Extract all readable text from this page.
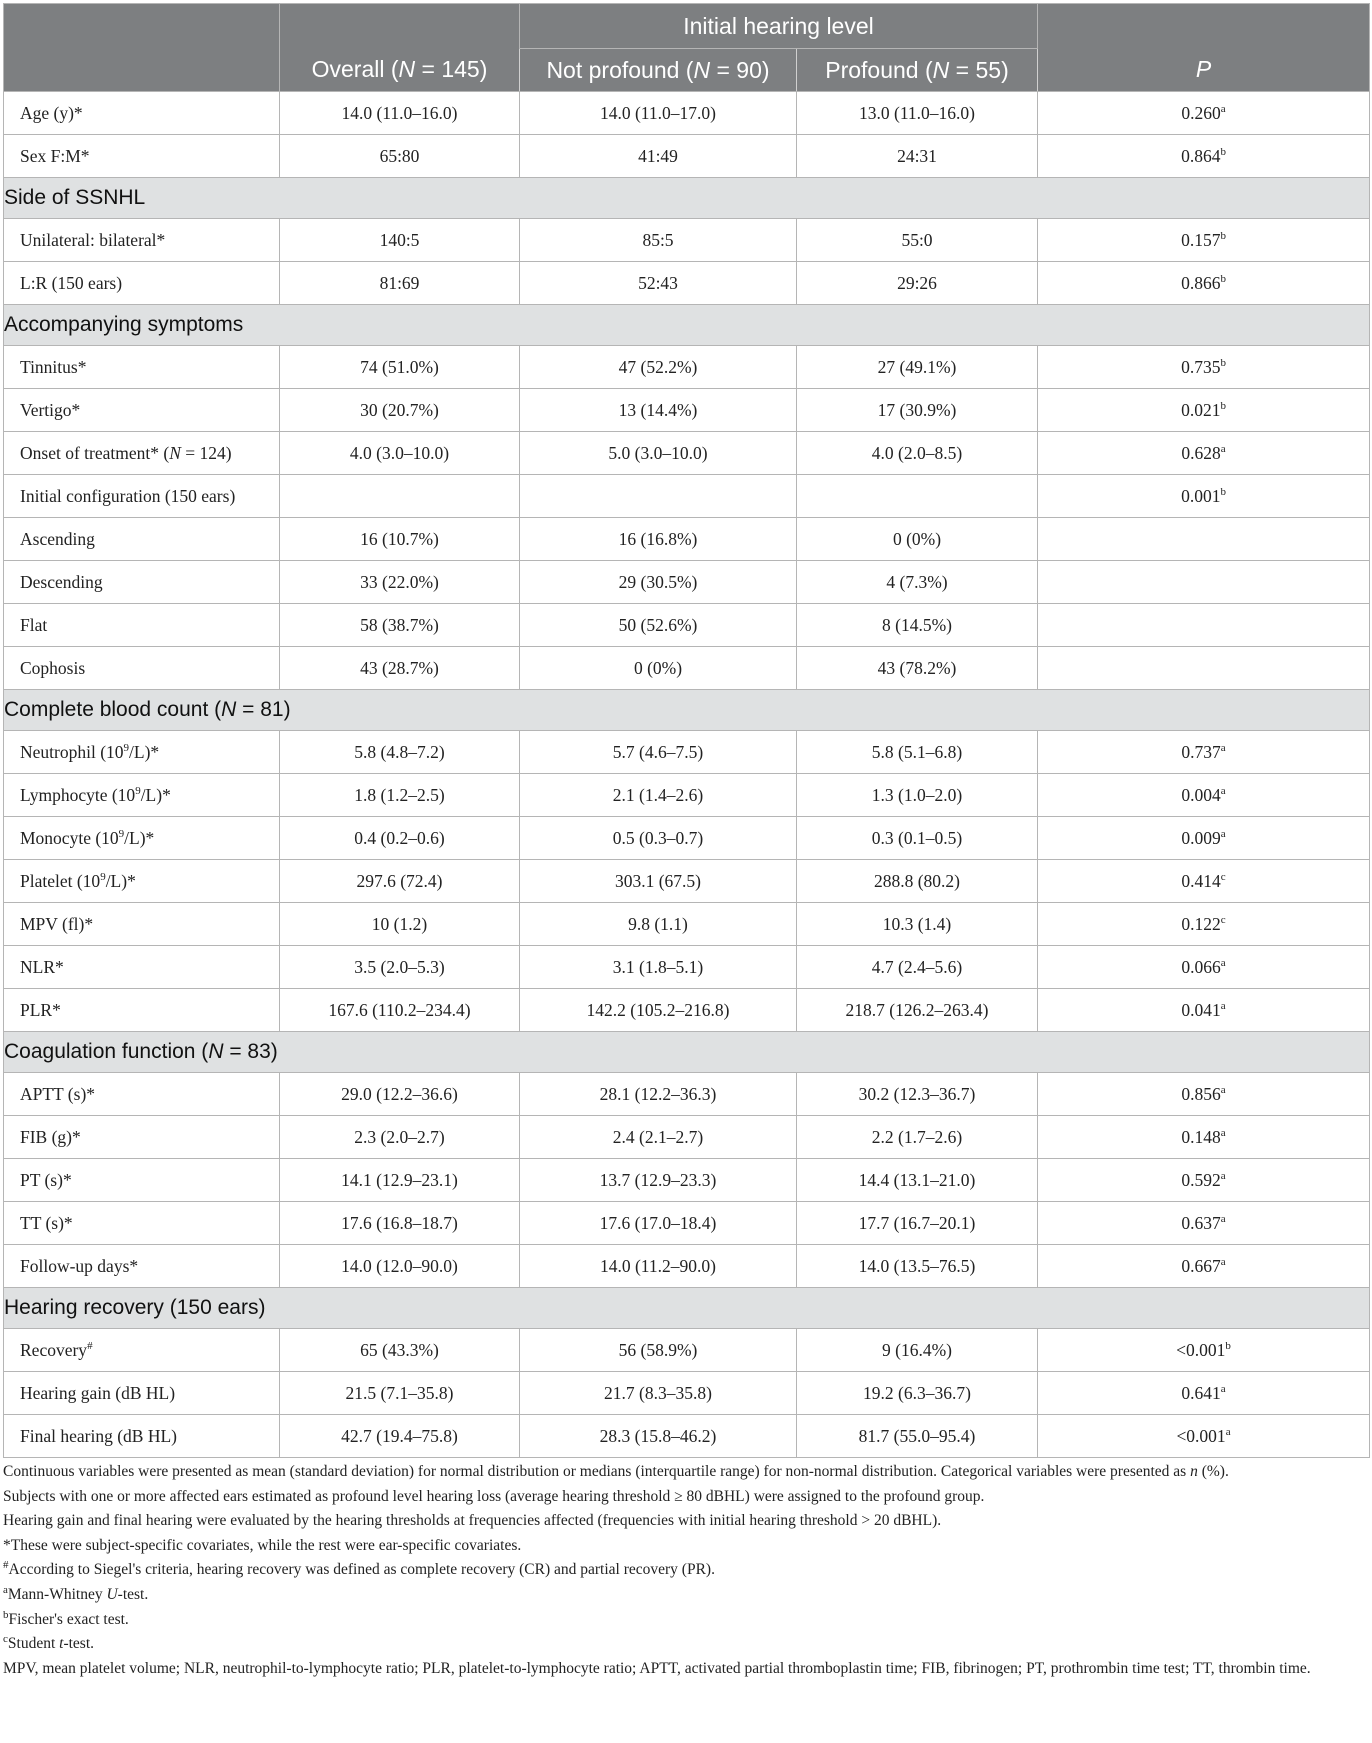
		Initial hearing level		
	Overall (N = 145)	Not profound (N = 90)	Profound (N = 55)	P
Age (y)*	14.0 (11.0–16.0)	14.0 (11.0–17.0)	13.0 (11.0–16.0)	0.260$^a$
Sex F:M*	65:80	41:49	24:31	0.864$^b$
Side of SSNHL				
Unilateral: bilateral*	140:5	85:5	55:0	0.157$^b$
L:R (150 ears)	81:69	52:43	29:26	0.866$^b$
Accompanying symptoms				
Tinnitus*	74 (51.0%)	47 (52.2%)	27 (49.1%)	0.735$^b$
Vertigo*	30 (20.7%)	13 (14.4%)	17 (30.9%)	0.021$^b$
Onset of treatment* (N = 124)	4.0 (3.0–10.0)	5.0 (3.0–10.0)	4.0 (2.0–8.5)	0.628$^a$
Initial configuration (150 ears)				0.001$^b$
Ascending	16 (10.7%)	16 (16.8%)	0 (0%)	
Descending	33 (22.0%)	29 (30.5%)	4 (7.3%)	
Flat	58 (38.7%)	50 (52.6%)	8 (14.5%)	
Cophosis	43 (28.7%)	0 (0%)	43 (78.2%)	
Complete blood count (N = 81)				
Neutrophil $(10^9/L)*$	5.8 (4.8–7.2)	5.7 (4.6–7.5)	5.8 (5.1–6.8)	0.737$^a$
Lymphocyte $(10^9/L)*$	1.8 (1.2–2.5)	2.1 (1.4–2.6)	1.3 (1.0–2.0)	0.004$^a$
Monocyte $(10^9/L)*$	0.4 (0.2–0.6)	0.5 (0.3–0.7)	0.3 (0.1–0.5)	0.009$^a$
Platelet $(10^9/L)*$	297.6 (72.4)	303.1 (67.5)	288.8 (80.2)	0.414$^c$
MPV (fl)*	10 (1.2)	9.8 (1.1)	10.3 (1.4)	0.122$^c$
NLR*	3.5 (2.0–5.3)	3.1 (1.8–5.1)	4.7 (2.4–5.6)	0.066$^a$
PLR*	167.6 (110.2–234.4)	142.2 (105.2–216.8)	218.7 (126.2–263.4)	0.041$^a$
Coagulation function (N = 83)				
APTT (s)*	29.0 (12.2–36.6)	28.1 (12.2–36.3)	30.2 (12.3–36.7)	0.856$^a$
FIB (g)*	2.3 (2.0–2.7)	2.4 (2.1–2.7)	2.2 (1.7–2.6)	0.148$^a$
PT (s)*	14.1 (12.9–23.1)	13.7 (12.9–23.3)	14.4 (13.1–21.0)	0.592$^a$
TT (s)*	17.6 (16.8–18.7)	17.6 (17.0–18.4)	17.7 (16.7–20.1)	0.637$^a$
Follow-up days*	14.0 (12.0–90.0)	14.0 (11.2–90.0)	14.0 (13.5–76.5)	0.667$^a$
Hearing recovery (150 ears)				
Recovery#	65 (43.3%)	56 (58.9%)	9 (16.4%)	<0.001$^b$
Hearing gain (dB HL)	21.5 (7.1–35.8)	21.7 (8.3–35.8)	19.2 (6.3–36.7)	0.641$^a$
Final hearing (dB HL)	42.7 (19.4–75.8)	28.3 (15.8–46.2)	81.7 (55.0–95.4)	<0.001$^a$
Continuous variables were presented as mean (standard deviation) for normal distribution or medians (interquartile range) for non-normal distribution. Categorical variables were presented as n (%).
Subjects with one or more affected ears estimated as profound level hearing loss (average hearing threshold ≥ 80 dBHL) were assigned to the profound group.
Hearing gain and final hearing were evaluated by the hearing thresholds at frequencies affected (frequencies with initial hearing threshold > 20 dBHL).
*These were subject-specific covariates, while the rest were ear-specific covariates.
#According to Siegel's criteria, hearing recovery was defined as complete recovery (CR) and partial recovery (PR).
$^a$Mann-Whitney U-test.
$^b$Fischer's exact test.
$^c$Student t-test.
MPV, mean platelet volume; NLR, neutrophil-to-lymphocyte ratio; PLR, platelet-to-lymphocyte ratio; APTT, activated partial thromboplastin time; FIB, fibrinogen; PT, prothrombin time test; TT, thrombin time.
